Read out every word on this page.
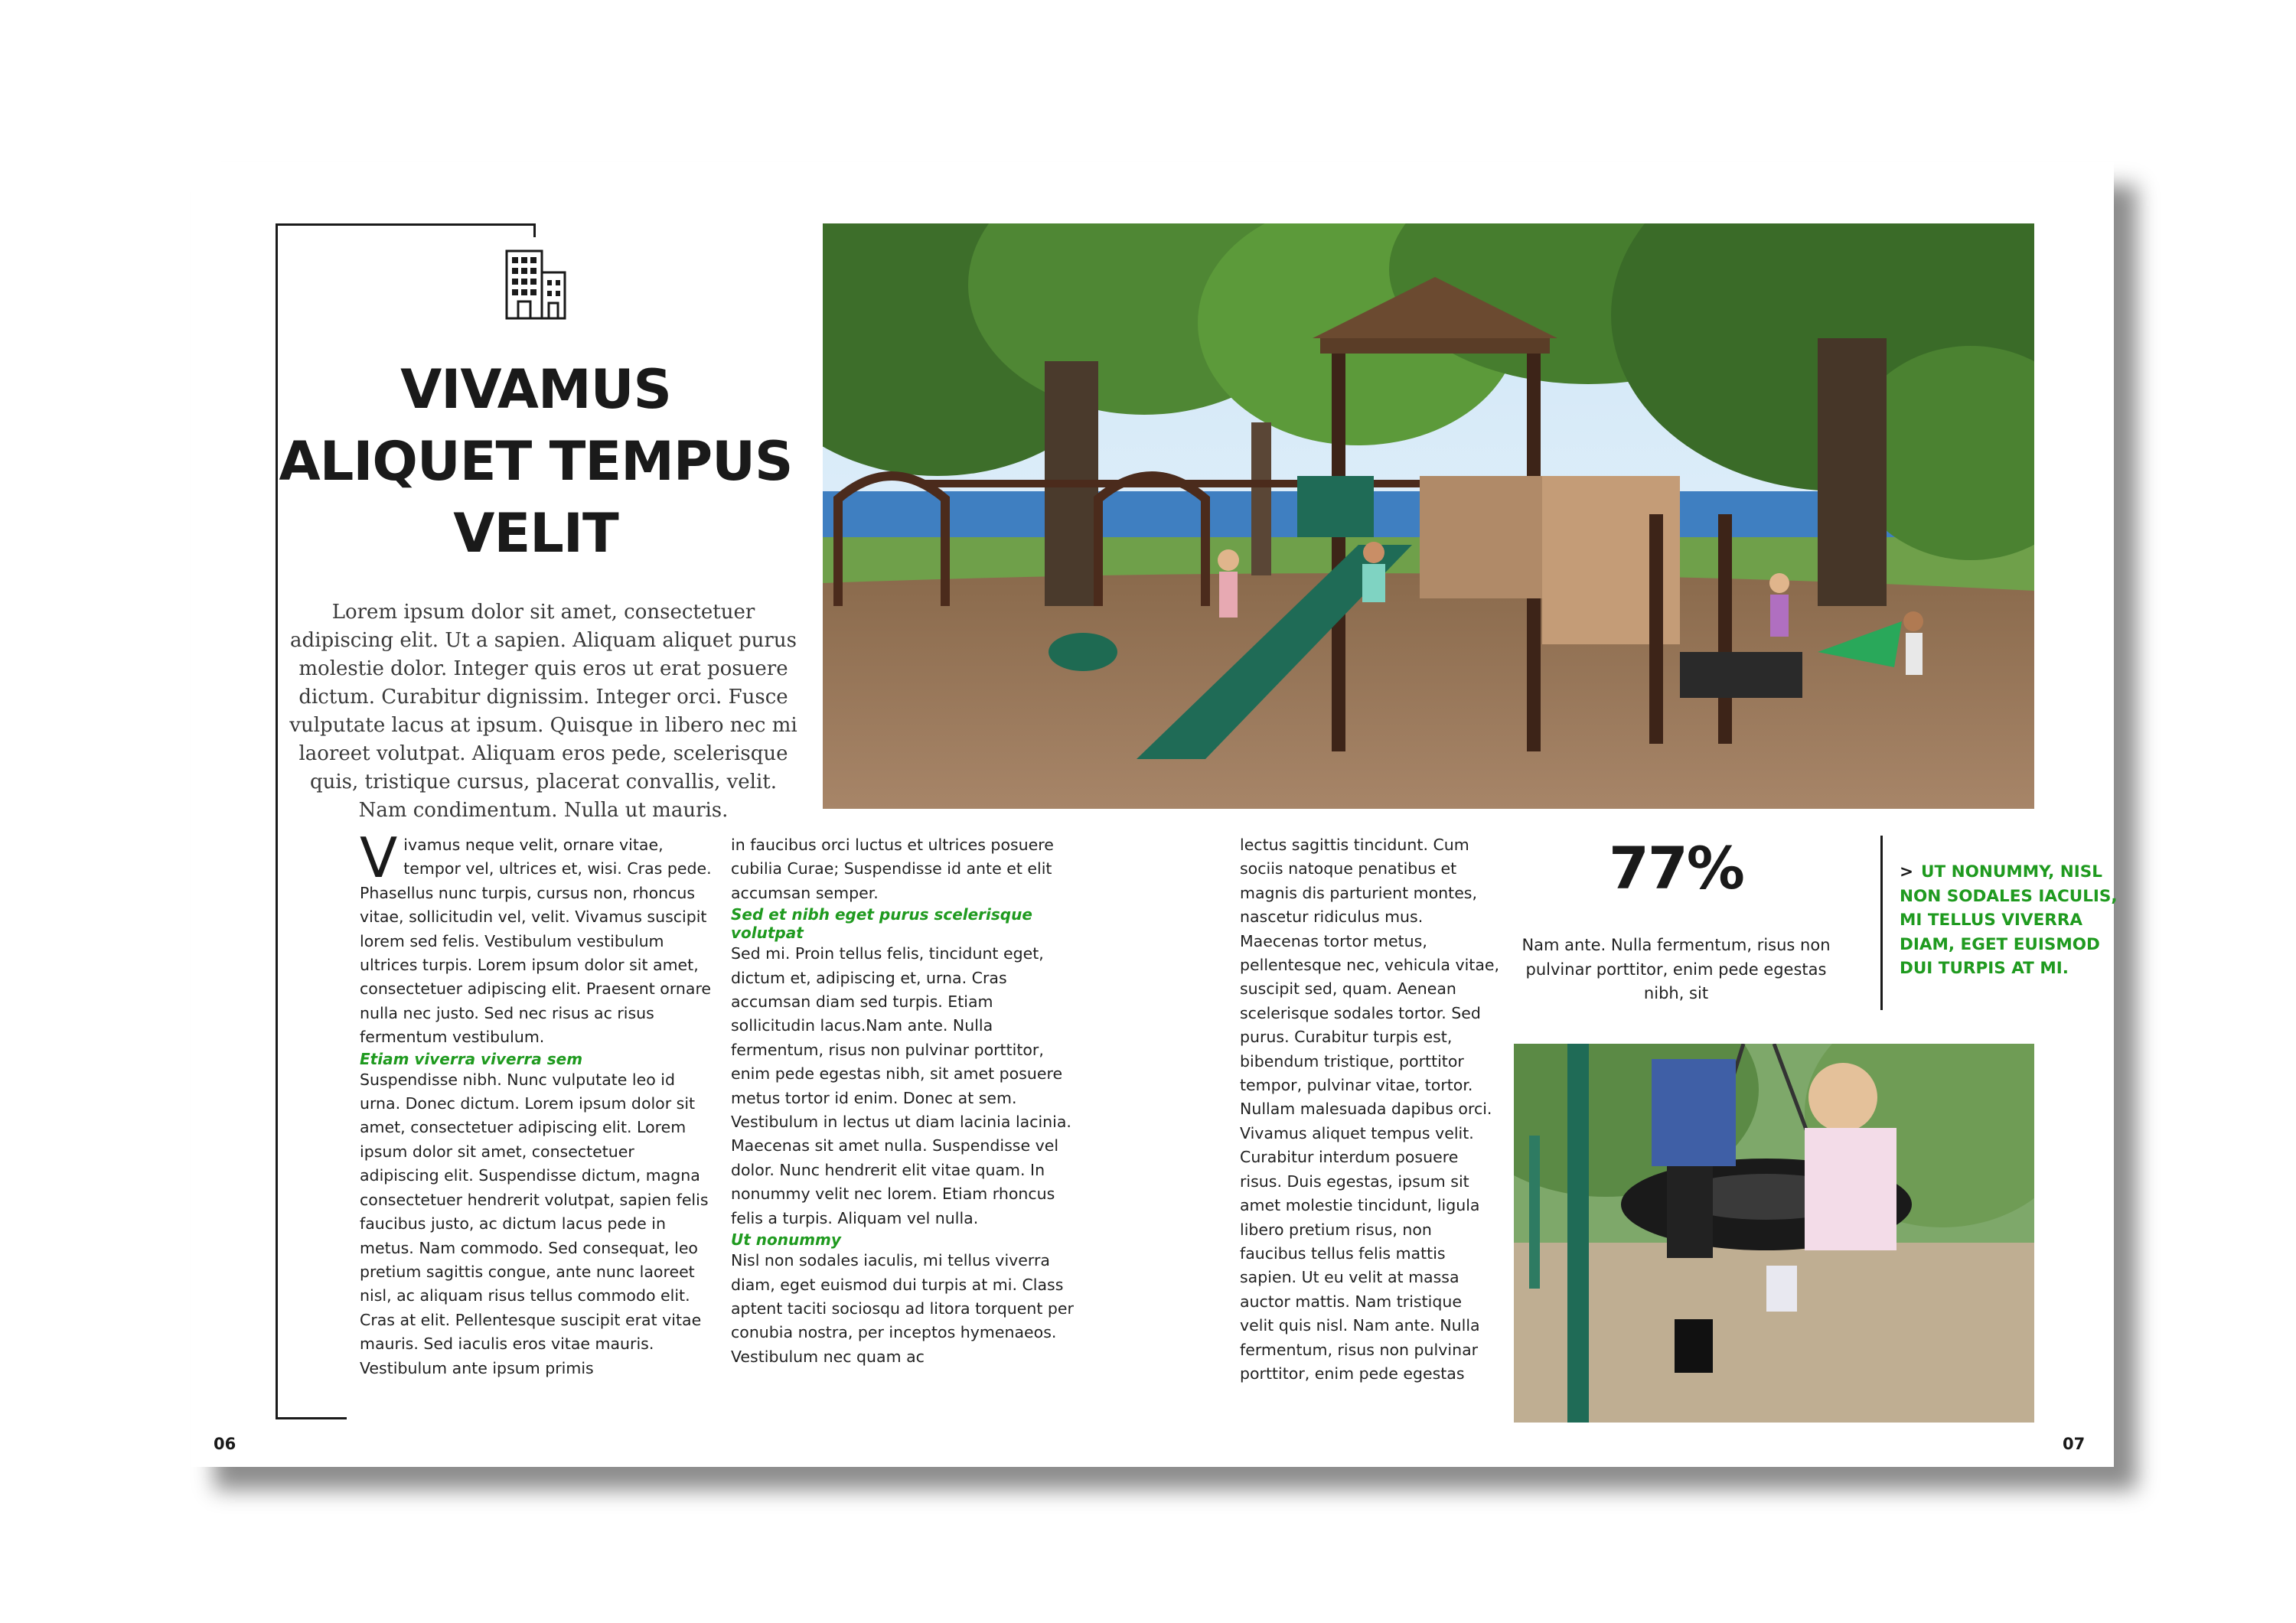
VIVAMUS
ALIQUET TEMPUS
VELIT

Lorem ipsum dolor sit amet, consectetuer adipiscing elit. Ut a sapien. Aliquam aliquet purus molestie dolor. Integer quis eros ut erat posuere dictum. Curabitur dignissim. Integer orci. Fusce vulputate lacus at ipsum. Quisque in libero nec mi laoreet volutpat. Aliquam eros pede, scelerisque quis, tristique cursus, placerat convallis, velit. Nam condimentum. Nulla ut mauris.

Vivamus neque velit, ornare vitae, tempor vel, ultrices et, wisi. Cras pede. Phasellus nunc turpis, cursus non, rhoncus vitae, sollicitudin vel, velit. Vivamus suscipit lorem sed felis. Vestibulum vestibulum ultrices turpis. Lorem ipsum dolor sit amet, consectetuer adipiscing elit. Praesent ornare nulla nec justo. Sed nec risus ac risus fermentum vestibulum.

Etiam viverra viverra sem

Suspendisse nibh. Nunc vulputate leo id urna. Donec dictum. Lorem ipsum dolor sit amet, consectetuer adipiscing elit. Lorem ipsum dolor sit amet, consectetuer adipiscing elit. Suspendisse dictum, magna consectetuer hendrerit volutpat, sapien felis faucibus justo, ac dictum lacus pede in metus. Nam commodo. Sed consequat, leo pretium sagittis congue, ante nunc laoreet nisl, ac aliquam risus tellus commodo elit. Cras at elit. Pellentesque suscipit erat vitae mauris. Sed iaculis eros vitae mauris. Vestibulum ante ipsum primis

in faucibus orci luctus et ultrices posuere cubilia Curae; Suspendisse id ante et elit accumsan semper.

Sed et nibh eget purus scelerisque volutpat

Sed mi. Proin tellus felis, tincidunt eget, dictum et, adipiscing et, urna. Cras accumsan diam sed turpis. Etiam sollicitudin lacus.Nam ante. Nulla fermentum, risus non pulvinar porttitor, enim pede egestas nibh, sit amet posuere metus tortor id enim. Donec at sem. Vestibulum in lectus ut diam lacinia lacinia. Maecenas sit amet nulla. Suspendisse vel dolor. Nunc hendrerit elit vitae quam. In nonummy velit nec lorem. Etiam rhoncus felis a turpis. Aliquam vel nulla.

Ut nonummy

Nisl non sodales iaculis, mi tellus viverra diam, eget euismod dui turpis at mi. Class aptent taciti sociosqu ad litora torquent per conubia nostra, per inceptos hymenaeos. Vestibulum nec quam ac

lectus sagittis tincidunt. Cum sociis natoque penatibus et magnis dis parturient montes, nascetur ridiculus mus. Maecenas tortor metus, pellentesque nec, vehicula vitae, suscipit sed, quam. Aenean scelerisque sodales tortor. Sed purus. Curabitur turpis est, bibendum tristique, porttitor tempor, pulvinar vitae, tortor. Nullam malesuada dapibus orci. Vivamus aliquet tempus velit. Curabitur interdum posuere risus. Duis egestas, ipsum sit amet molestie tincidunt, ligula libero pretium risus, non faucibus tellus felis mattis sapien. Ut eu velit at massa auctor mattis. Nam tristique velit quis nisl. Nam ante. Nulla fermentum, risus non pulvinar porttitor, enim pede egestas

77%

Nam ante. Nulla fermentum, risus non pulvinar porttitor, enim pede egestas nibh, sit

> UT NONUMMY, NISL NON SODALES IACULIS, MI TELLUS VIVERRA DIAM, EGET EUISMOD DUI TURPIS AT MI.

06	07
